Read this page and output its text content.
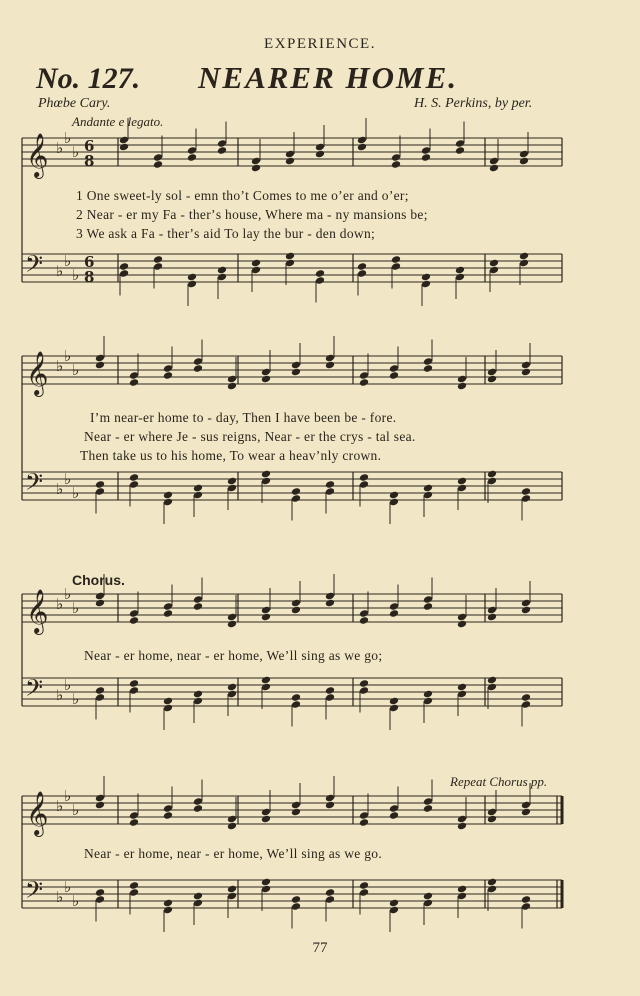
EXPERIENCE.
No. 127. NEARER HOME.
Phœbe Cary.	H. S. Perkins, by per.
Andante e legato.
𝄞 ♭
♭
♭ 6
8
𝄢 ♭
♭
♭
6
8
1 One sweet-ly sol - emn thoʼt Comes to me oʼer and oʼer;
2 Near - er my Fa - therʼs house, Where ma - ny mansions be;
3 We ask a Fa - therʼs aid To lay the bur - den down;
𝄞 ♭
♭
♭
𝄢 ♭
♭
♭
Iʼm near-er home to - day, Then I have been be - fore.
Near - er where Je - sus reigns, Near - er the crys - tal sea.
Then take us to his home, To wear a heavʼnly crown.
Chorus.
𝄞 ♭
♭
♭
𝄢 ♭
♭
♭
Near - er home, near - er home, Weʼll sing as we go;
Repeat Chorus pp.
𝄞 ♭
♭
♭
𝄢 ♭
♭
♭
Near - er home, near - er home, Weʼll sing as we go.
77
